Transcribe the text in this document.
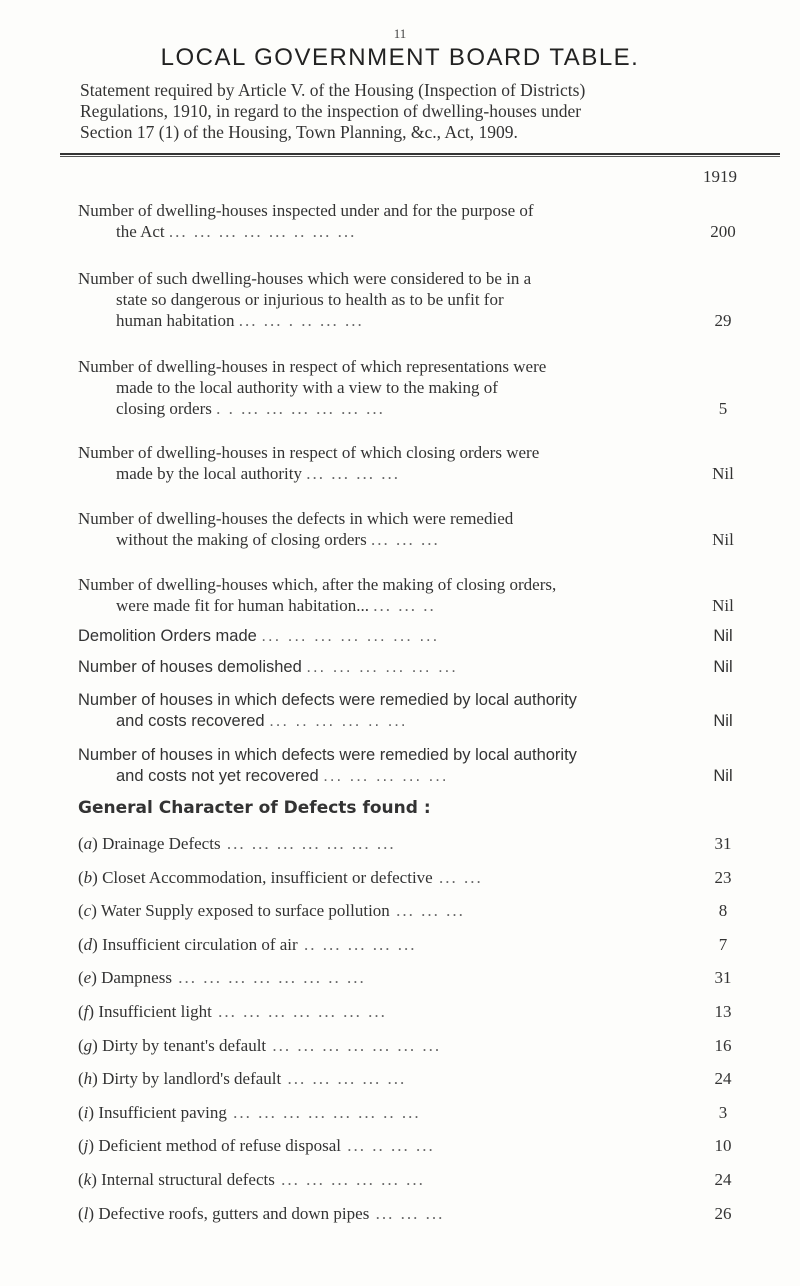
11
LOCAL GOVERNMENT BOARD TABLE.
Statement required by Article V. of the Housing (Inspection of Districts)
Regulations, 1910, in regard to the inspection of dwelling-houses under
Section 17 (1) of the Housing, Town Planning, &c., Act, 1909.
1919
Number of dwelling-houses inspected under and for the purpose of
the Act ... ... ... ... ... .. ... ...	200
Number of such dwelling-houses which were considered to be in a
state so dangerous or injurious to health as to be unfit for
human habitation ... ... . .. ... ...	29
Number of dwelling-houses in respect of which representations were
made to the local authority with a view to the making of
closing orders . . ... ... ... ... ... ...	5
Number of dwelling-houses in respect of which closing orders were
made by the local authority ... ... ... ...	Nil
Number of dwelling-houses the defects in which were remedied
without the making of closing orders ... ... ...	Nil
Number of dwelling-houses which, after the making of closing orders,
were made fit for human habitation... ... ... ..	Nil
Demolition Orders made ... ... ... ... ... ... ...	Nil
Number of houses demolished ... ... ... ... ... ...	Nil
Number of houses in which defects were remedied by local authority
and costs recovered ... .. ... ... .. ...	Nil
Number of houses in which defects were remedied by local authority
and costs not yet recovered ... ... ... ... ...	Nil
General Character of Defects found :
(a) Drainage Defects ... ... ... ... ... ... ...	31
(b) Closet Accommodation, insufficient or defective ... ...	23
(c) Water Supply exposed to surface pollution ... ... ...	8
(d) Insufficient circulation of air .. ... ... ... ...	7
(e) Dampness ... ... ... ... ... ... .. ...	31
(f) Insufficient light ... ... ... ... ... ... ...	13
(g) Dirty by tenant's default ... ... ... ... ... ... ...	16
(h) Dirty by landlord's default ... ... ... ... ...	24
(i) Insufficient paving ... ... ... ... ... ... .. ...	3
(j) Deficient method of refuse disposal ... .. ... ...	10
(k) Internal structural defects ... ... ... ... ... ...	24
(l) Defective roofs, gutters and down pipes ... ... ...	26
